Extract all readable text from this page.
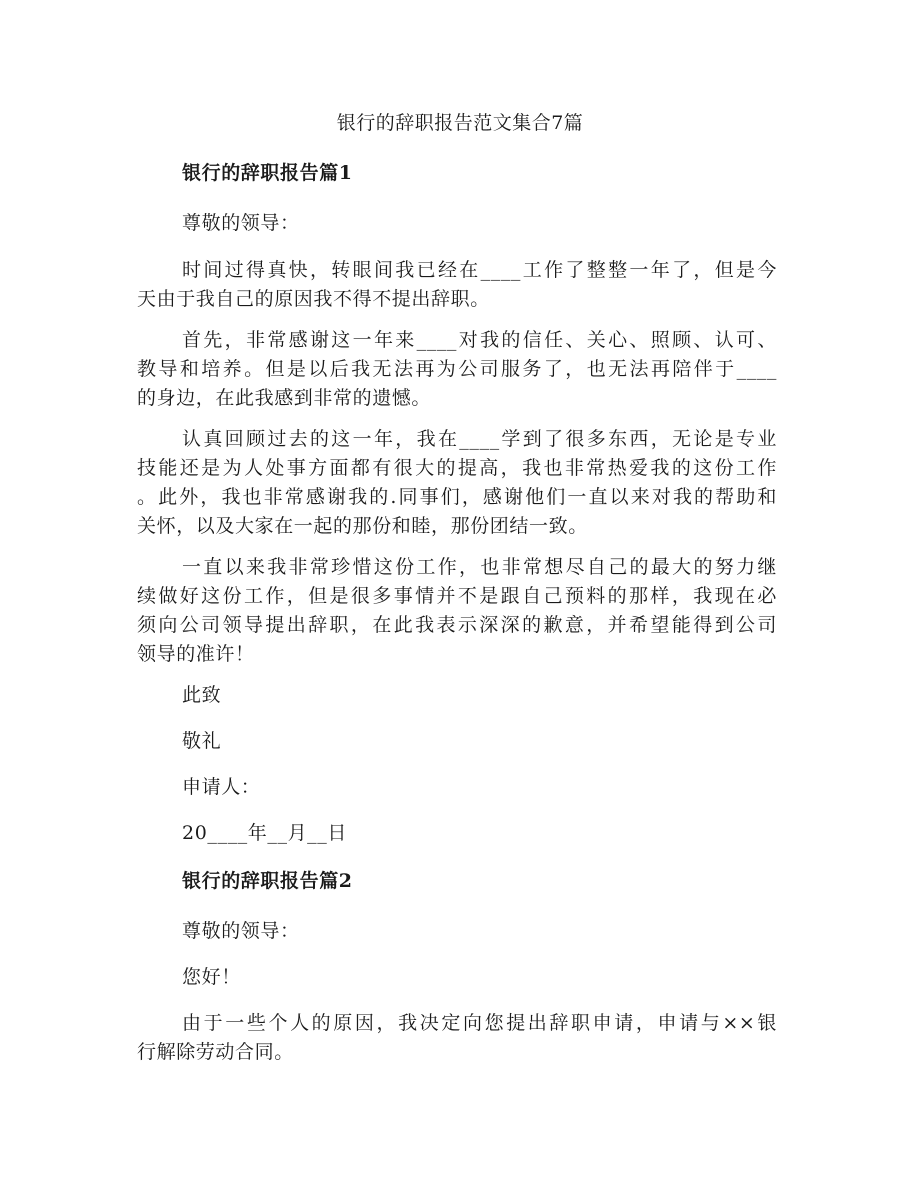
银行的辞职报告范文集合7篇
银行的辞职报告篇1
尊敬的领导：
时间过得真快，转眼间我已经在____工作了整整一年了，但是今
天由于我自己的原因我不得不提出辞职。
首先，非常感谢这一年来____对我的信任、关心、照顾、认可、
教导和培养。但是以后我无法再为公司服务了，也无法再陪伴于____
的身边，在此我感到非常的遗憾。
认真回顾过去的这一年，我在____学到了很多东西，无论是专业
技能还是为人处事方面都有很大的提高，我也非常热爱我的这份工作
。此外，我也非常感谢我的.同事们，感谢他们一直以来对我的帮助和
关怀，以及大家在一起的那份和睦，那份团结一致。
一直以来我非常珍惜这份工作，也非常想尽自己的最大的努力继
续做好这份工作，但是很多事情并不是跟自己预料的那样，我现在必
须向公司领导提出辞职，在此我表示深深的歉意，并希望能得到公司
领导的准许！
此致
敬礼
申请人：
20____年__月__日
银行的辞职报告篇2
尊敬的领导：
您好！
由于一些个人的原因，我决定向您提出辞职申请，申请与××银
行解除劳动合同。
